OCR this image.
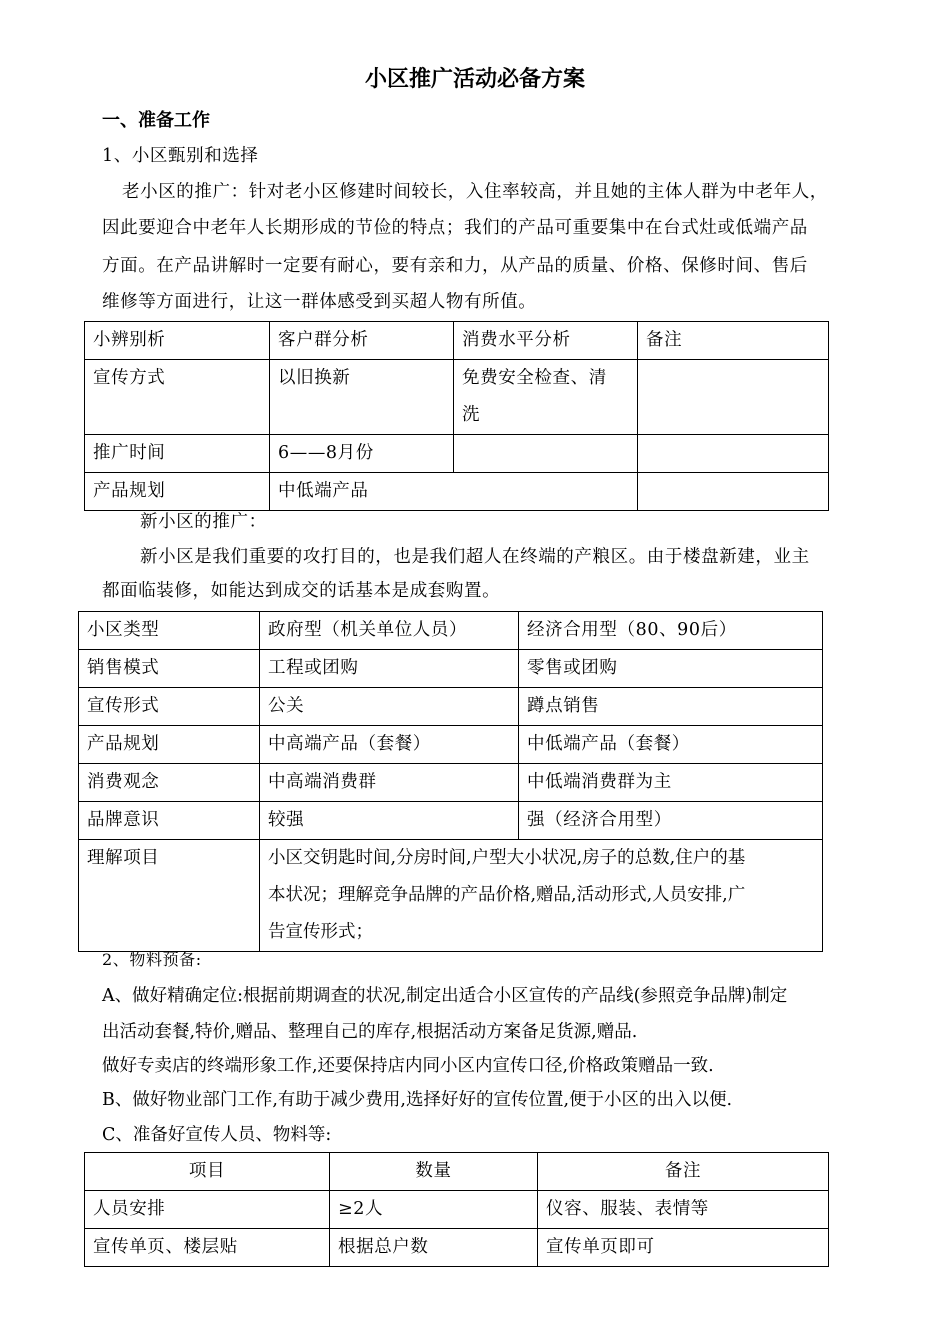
小区推广活动必备方案
一、准备工作
1、小区甄别和选择
老小区的推广：针对老小区修建时间较长，入住率较高，并且她的主体人群为中老年人，
因此要迎合中老年人长期形成的节俭的特点；我们的产品可重要集中在台式灶或低端产品
方面。在产品讲解时一定要有耐心，要有亲和力，从产品的质量、价格、保修时间、售后
维修等方面进行，让这一群体感受到买超人物有所值。
小辨别析	客户群分析	消费水平分析	备注
宣传方式	以旧换新	免费安全检查、清
洗	

推广时间	6——8月份		
产品规划	中低端产品		
新小区的推广：
新小区是我们重要的攻打目的，也是我们超人在终端的产粮区。由于楼盘新建，业主
都面临装修，如能达到成交的话基本是成套购置。
小区类型	政府型（机关单位人员）	经济合用型（80、90后）
销售模式	工程或团购	零售或团购
宣传形式	公关	蹲点销售
产品规划	中高端产品（套餐）	中低端产品（套餐）
消费观念	中高端消费群	中低端消费群为主
品牌意识	较强	强（经济合用型）
理解项目	小区交钥匙时间,分房时间,户型大小状况,房子的总数,住户的基
本状况；理解竞争品牌的产品价格,赠品,活动形式,人员安排,广
告宣传形式；	
2、物料预备:
A、做好精确定位:根据前期调查的状况,制定出适合小区宣传的产品线(参照竞争品牌)制定
出活动套餐,特价,赠品、整理自己的库存,根据活动方案备足货源,赠品.
做好专卖店的终端形象工作,还要保持店内同小区内宣传口径,价格政策赠品一致.
B、做好物业部门工作,有助于减少费用,选择好好的宣传位置,便于小区的出入以便.
C、准备好宣传人员、物料等:
项目	数量	备注
人员安排	≥2人	仪容、服装、表情等
宣传单页、楼层贴	根据总户数	宣传单页即可
